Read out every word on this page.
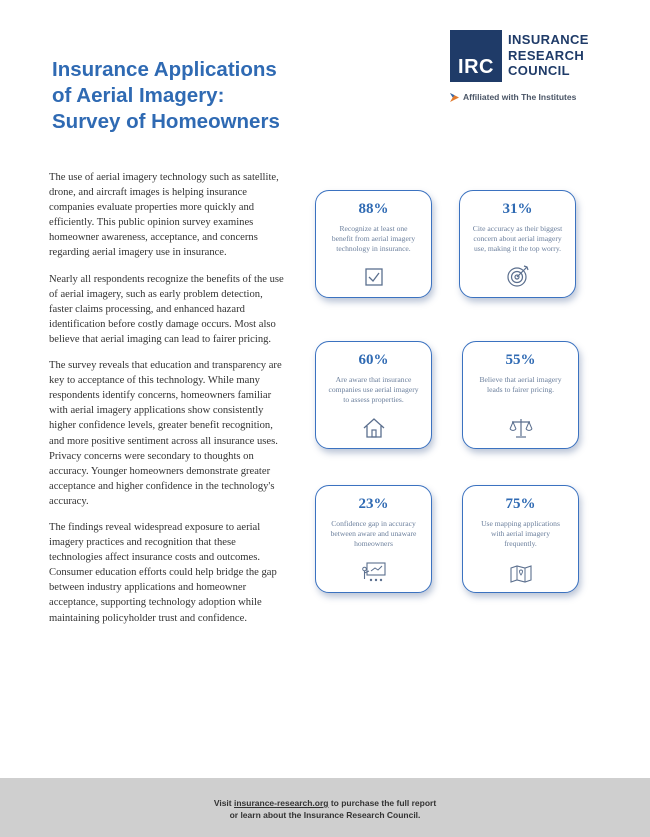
Insurance Applications
of Aerial Imagery:
Survey of Homeowners
IRC
INSURANCE
RESEARCH
COUNCIL
Affiliated with The Institutes

The use of aerial imagery technology such as satellite, drone, and aircraft images is helping insurance companies evaluate properties more quickly and efficiently. This public opinion survey examines homeowner awareness, acceptance, and concerns regarding aerial imagery use in insurance.

Nearly all respondents recognize the benefits of the use of aerial imagery, such as early problem detection, faster claims processing, and enhanced hazard identification before costly damage occurs. Most also believe that aerial imaging can lead to fairer pricing.

The survey reveals that education and transparency are key to acceptance of this technology. While many respondents identify concerns, homeowners familiar with aerial imagery applications show consistently higher confidence levels, greater benefit recognition, and more positive sentiment across all insurance uses. Privacy concerns were secondary to thoughts on accuracy. Younger homeowners demonstrate greater acceptance and higher confidence in the technology's accuracy.

The findings reveal widespread exposure to aerial imagery practices and recognition that these technologies affect insurance costs and outcomes. Consumer education efforts could help bridge the gap between industry applications and homeowner acceptance, supporting technology adoption while maintaining policyholder trust and confidence.

88%
Recognize at least one benefit from aerial imagery technology in insurance.
31%
Cite accuracy as their biggest concern about aerial imagery use, making it the top worry.
60%
Are aware that insurance companies use aerial imagery to assess properties.
55%
Believe that aerial imagery leads to fairer pricing.
23%
Confidence gap in accuracy between aware and unaware homeowners
75%
Use mapping applications with aerial imagery frequently.
Visit insurance-research.org to purchase the full report
or learn about the Insurance Research Council.
